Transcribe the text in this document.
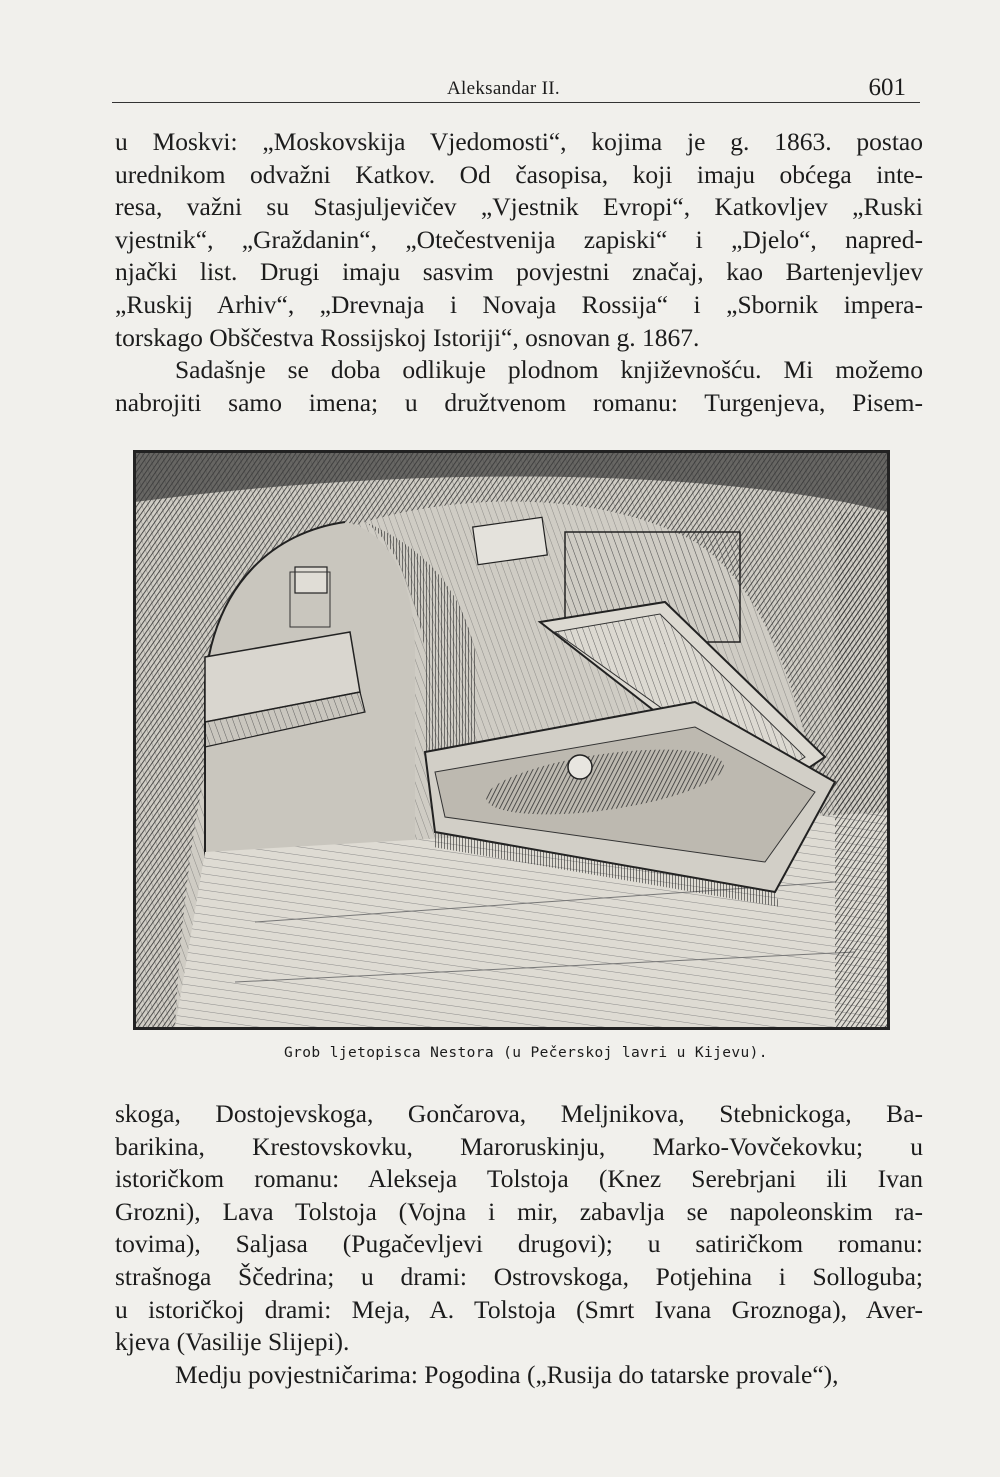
Aleksandar II.	601

u Moskvi: „Moskovskija Vjedomosti“, kojima je g. 1863. postao
urednikom odvažni Katkov. Od časopisa, koji imaju obćega inte-
resa, važni su Stasjuljevičev „Vjestnik Evropi“, Katkovljev „Ruski
vjestnik“, „Graždanin“, „Otečestvenija zapiski“ i „Djelo“, napred-
njački list. Drugi imaju sasvim povjestni značaj, kao Bartenjevljev
„Ruskij Arhiv“, „Drevnaja i Novaja Rossija“ i „Sbornik impera-
torskago Obščestva Rossijskoj Istoriji“, osnovan g. 1867.

Sadašnje se doba odlikuje plodnom književnošću. Mi možemo
nabrojiti samo imena; u družtvenom romanu: Turgenjeva, Pisem-

Grob ljetopisca Nestora (u Pečerskoj lavri u Kijevu).

skoga, Dostojevskoga, Gončarova, Meljnikova, Stebnickoga, Ba-
barikina, Krestovskovku, Maroruskinju, Marko-Vovčekovku; u
istoričkom romanu: Aleksеja Tolstoja (Knez Serebrjani ili Ivan
Grozni), Lava Tolstoja (Vojna i mir, zabavlja se napoleonskim ra-
tovima), Saljasa (Pugačevljevi drugovi); u satiričkom romanu:
strašnoga Ščedrina; u drami: Ostrovskoga, Potjehina i Solloguba;
u istoričkoj drami: Meja, A. Tolstoja (Smrt Ivana Groznoga), Aver-
kjeva (Vasilije Slijepi).

Medju povjestničarima: Pogodina („Rusija do tatarske provale“),
